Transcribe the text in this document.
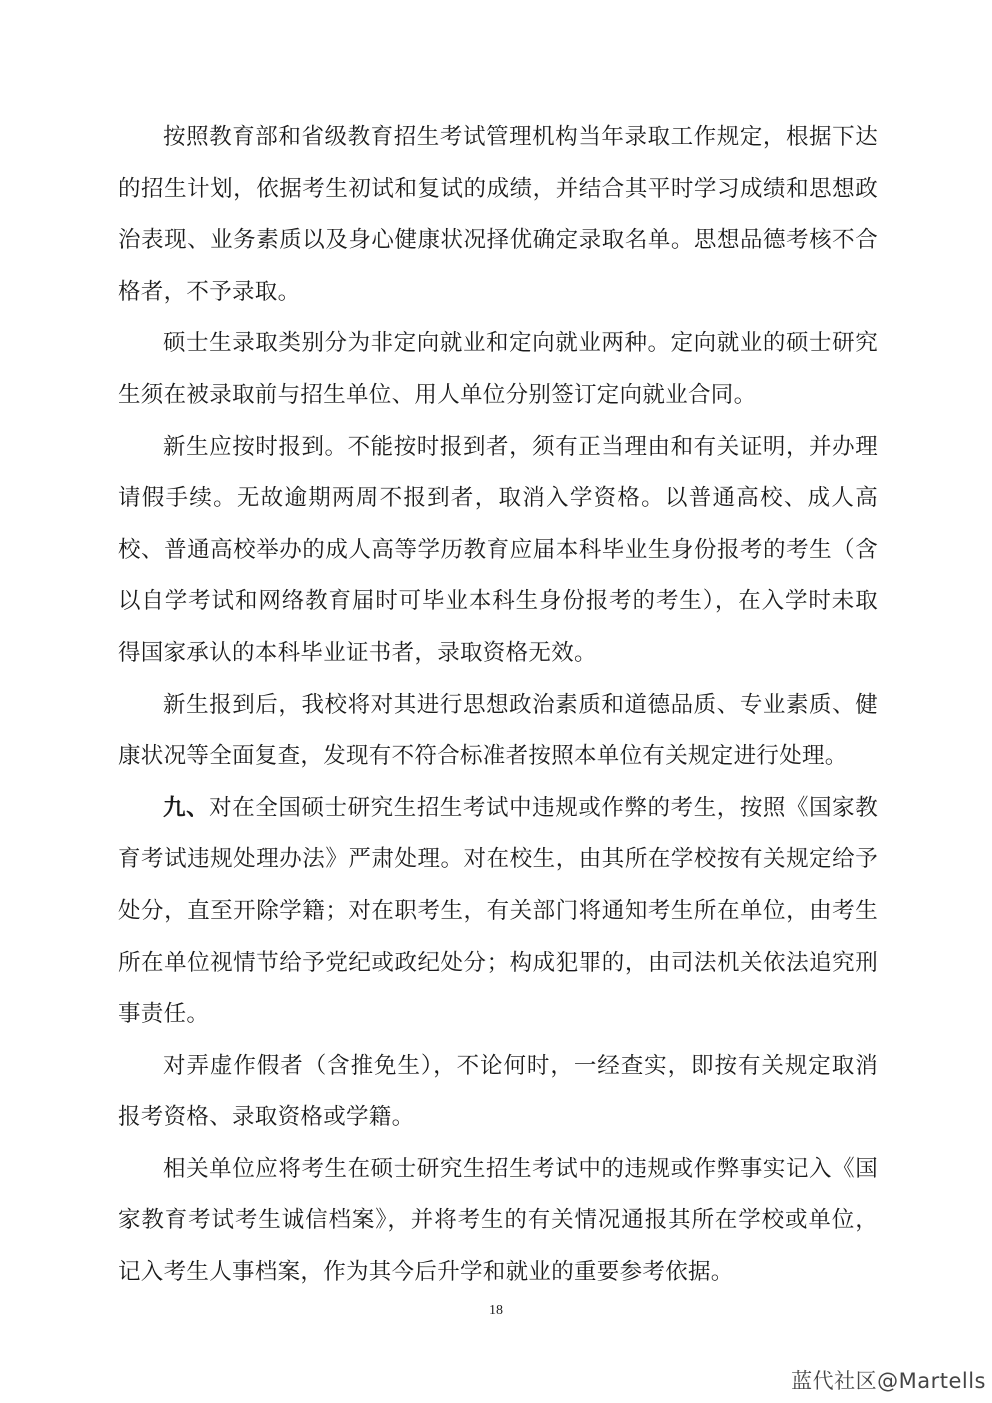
按照教育部和省级教育招生考试管理机构当年录取工作规定，根据下达的招生计划，依据考生初试和复试的成绩，并结合其平时学习成绩和思想政治表现、业务素质以及身心健康状况择优确定录取名单。思想品德考核不合格者，不予录取。

硕士生录取类别分为非定向就业和定向就业两种。定向就业的硕士研究生须在被录取前与招生单位、用人单位分别签订定向就业合同。

新生应按时报到。不能按时报到者，须有正当理由和有关证明，并办理请假手续。无故逾期两周不报到者，取消入学资格。以普通高校、成人高校、普通高校举办的成人高等学历教育应届本科毕业生身份报考的考生（含以自学考试和网络教育届时可毕业本科生身份报考的考生），在入学时未取得国家承认的本科毕业证书者，录取资格无效。

新生报到后，我校将对其进行思想政治素质和道德品质、专业素质、健康状况等全面复查，发现有不符合标准者按照本单位有关规定进行处理。

九、对在全国硕士研究生招生考试中违规或作弊的考生，按照《国家教育考试违规处理办法》严肃处理。对在校生，由其所在学校按有关规定给予处分，直至开除学籍；对在职考生，有关部门将通知考生所在单位，由考生所在单位视情节给予党纪或政纪处分；构成犯罪的，由司法机关依法追究刑事责任。

对弄虚作假者（含推免生），不论何时，一经查实，即按有关规定取消报考资格、录取资格或学籍。

相关单位应将考生在硕士研究生招生考试中的违规或作弊事实记入《国家教育考试考生诚信档案》，并将考生的有关情况通报其所在学校或单位，记入考生人事档案，作为其今后升学和就业的重要参考依据。

18
蓝代社区@Martells
